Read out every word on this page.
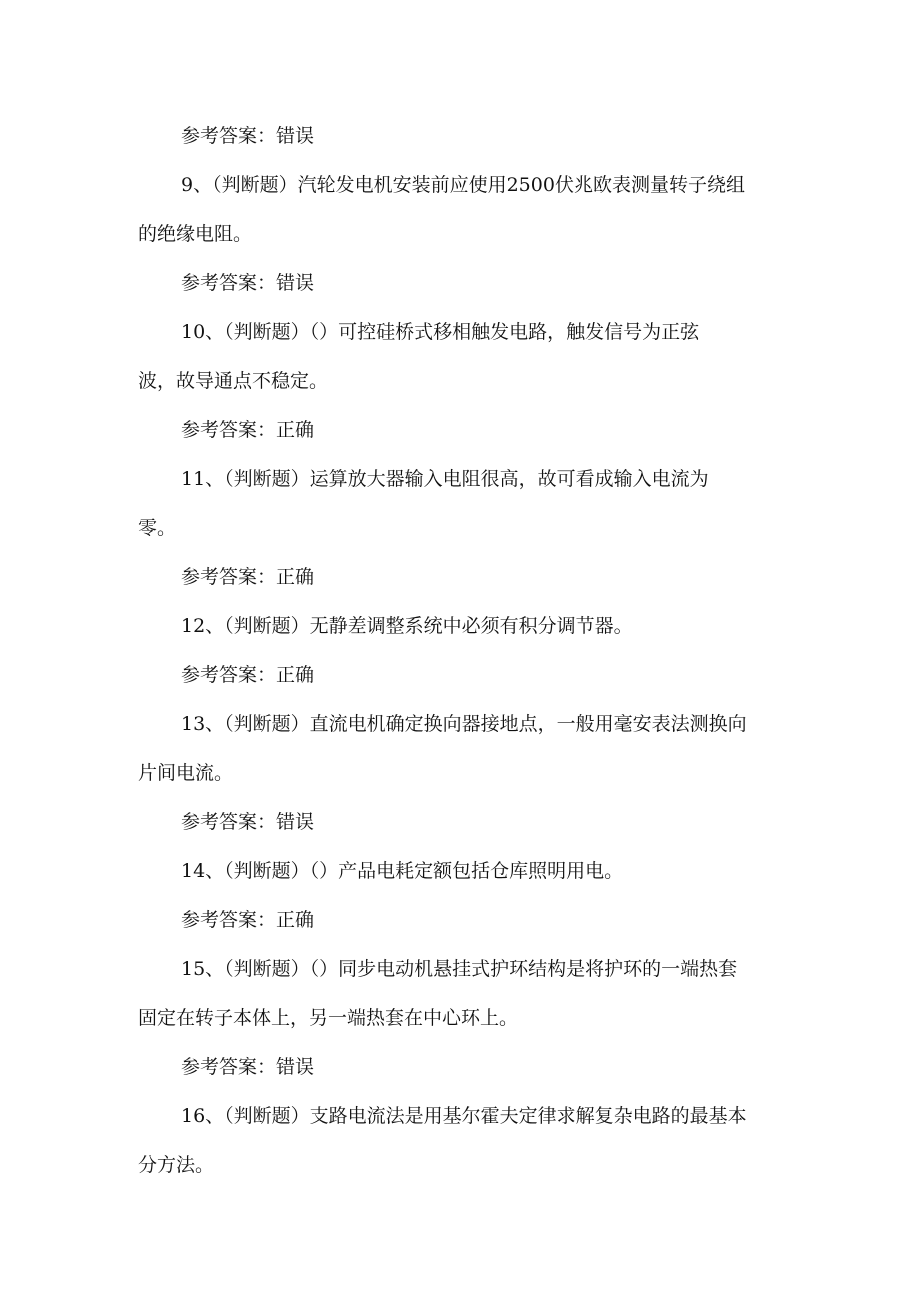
参考答案：错误
9、（判断题）汽轮发电机安装前应使用2500伏兆欧表测量转子绕组
的绝缘电阻。
参考答案：错误
10、（判断题）（）可控硅桥式移相触发电路，触发信号为正弦
波，故导通点不稳定。
参考答案：正确
11、（判断题）运算放大器输入电阻很高，故可看成输入电流为
零。
参考答案：正确
12、（判断题）无静差调整系统中必须有积分调节器。
参考答案：正确
13、（判断题）直流电机确定换向器接地点，一般用毫安表法测换向
片间电流。
参考答案：错误
14、（判断题）（）产品电耗定额包括仓库照明用电。
参考答案：正确
15、（判断题）（）同步电动机悬挂式护环结构是将护环的一端热套
固定在转子本体上，另一端热套在中心环上。
参考答案：错误
16、（判断题）支路电流法是用基尔霍夫定律求解复杂电路的最基本
分方法。
